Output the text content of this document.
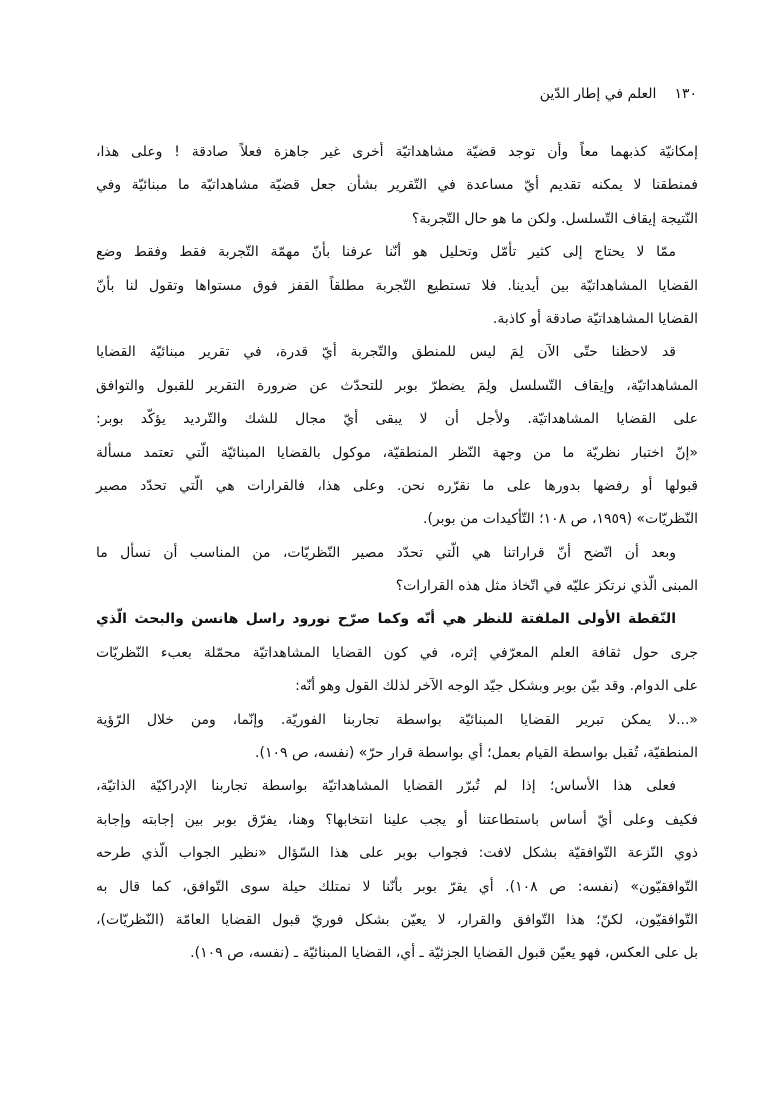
١٣٠
العلم في إطار الدّين
إمكانيّة كذبهما معاً وأن توجد قضيّة مشاهداتيّة أخرى غير جاهزة فعلاً صادقة ! وعلى هذا،
فمنطقنا لا يمكنه تقديم أيّ مساعدة في التّقرير بشأن جعل قضيّة مشاهداتيّة ما مبنائيّة وفي
النّتيجة إيقاف التّسلسل. ولكن ما هو حال التّجربة؟
ممّا لا يحتاج إلى كثير تأمّل وتحليل هو أنّنا عرفنا بأنّ مهمّة التّجربة فقط وفقط وضع
القضايا المشاهداتيّة بين أيدينا. فلا تستطيع التّجربة مطلقاً القفز فوق مستواها وتقول لنا بأنّ
القضايا المشاهداتيّة صادقة أو كاذبة.
قد لاحظنا حتّى الآن لِمَ ليس للمنطق والتّجربة أيّ قدرة، في تقرير مبنائيّة القضايا
المشاهداتيّة، وإيقاف التّسلسل ولِمَ يضطرّ بوبر للتحدّث عن ضرورة التقرير للقبول والتوافق
على القضايا المشاهداتيّة. ولأجل أن لا يبقى أيّ مجال للشك والتّرديد يؤكّد بوبر:
«إنّ اختبار نظريّة ما من وجهة النّظر المنطقيّة، موكول بالقضايا المبنائيّة الّتي تعتمد مسألة
قبولها أو رفضها بدورها على ما نقرّره نحن. وعلى هذا، فالقرارات هي الّتي تحدّد مصير
النّظريّات» (١٩٥٩، ص ١٠٨؛ التّأكيدات من بوبر).
وبعد أن اتّضح أنّ قراراتنا هي الّتي تحدّد مصير النّظريّات، من المناسب أن نسأل ما
المبنى الّذي نرتكز عليّه في اتّخاذ مثل هذه القرارات؟
النّقطة الأولى الملفتة للنظر هي أنّه وكما صرّح نورود راسل هانسن والبحث الّذي
جرى حول ثقافة العلم المعرّفي إثره، في كون القضايا المشاهداتيّة محمّلة بعبء النّظريّات
على الدوام. وقد بيّن بوبر وبشكل جيّد الوجه الآخر لذلك القول وهو أنّه:
«...لا يمكن تبرير القضايا المبنائيّة بواسطة تجاربنا الفوريّة. وإنّما، ومن خلال الرّؤية
المنطقيّة، تُقبل بواسطة القيام بعمل؛ أي بواسطة قرار حرّ» (نفسه، ص ١٠٩).
فعلى هذا الأساس؛ إذا لم تُبرّر القضايا المشاهداتيّة بواسطة تجاربنا الإدراكيّة الذاتيّة،
فكيف وعلى أيّ أساس باستطاعتنا أو يجب علينا انتخابها؟ وهنا، يفرّق بوبر بين إجابته وإجابة
ذوي النّزعة التّوافقيّة بشكل لافت: فجواب بوبر على هذا السّؤال «نظير الجواب الّذي طرحه
التّوافقيّون» (نفسه: ص ١٠٨). أي يقرّ بوبر بأنّنا لا نمتلك حيلة سوى التّوافق، كما قال به
التّوافقيّون، لكنّ؛ هذا التّوافق والقرار، لا يعيّن بشكل فوريّ قبول القضايا العامّة (النّظريّات)،
بل على العكس، فهو يعيّن قبول القضايا الجزئيّة ـ أي، القضايا المبنائيّة ـ (نفسه، ص ١٠٩).
